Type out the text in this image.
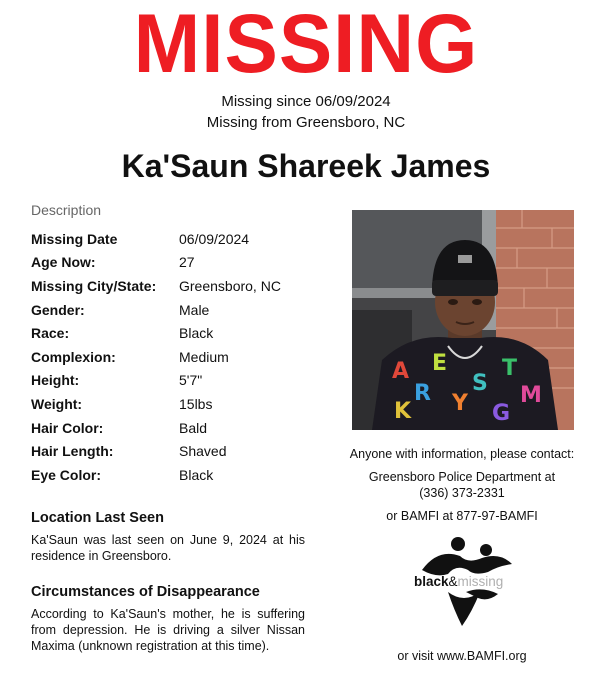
MISSING
Missing since 06/09/2024
Missing from Greensboro, NC
Ka'Saun Shareek James
Description
Missing Date	06/09/2024
Age Now:	27
Missing City/State:	Greensboro, NC
Gender:	Male
Race:	Black
Complexion:	Medium
Height:	5'7"
Weight:	15lbs
Hair Color:	Bald
Hair Length:	Shaved
Eye Color:	Black
A
R
K
T
M
G
Y
S
E
Location Last Seen
Ka'Saun was last seen on June 9, 2024 at his residence in Greensboro.
Circumstances of Disappearance
According to Ka'Saun's mother, he is suffering from depression. He is driving a silver Nissan Maxima (unknown registration at this time).
Anyone with information, please contact:
Greensboro Police Department at
(336) 373-2331
or BAMFI at 877-97-BAMFI
black&missing
or visit www.BAMFI.org
